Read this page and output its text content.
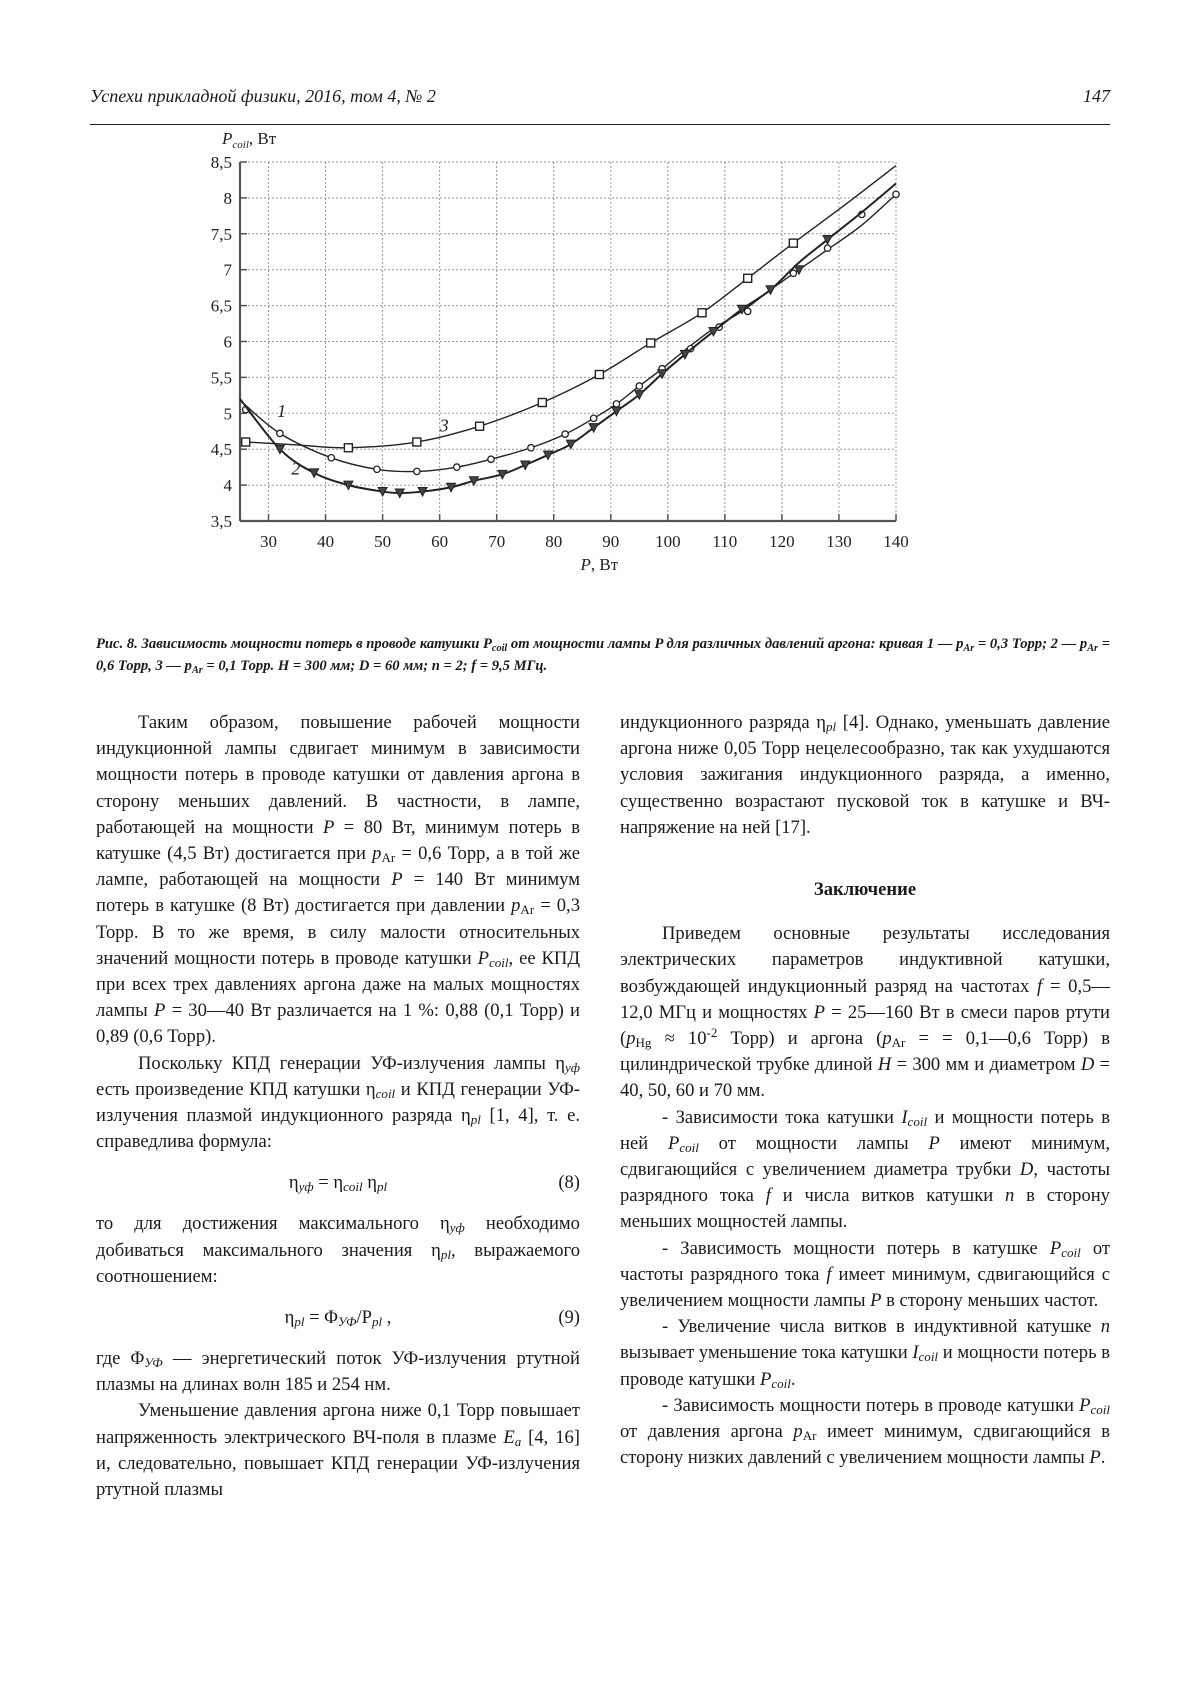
Успехи прикладной физики, 2016, том 4, № 2	147
3,5
4
4,5
5
5,5
6
6,5
7
7,5
8
8,5
30 40 50 60 70 80 90 100 110 120 130 140
1
2
3
$P_{coil}$, Вт
P, Вт
Рис. 8. Зависимость мощности потерь в проводе катушки $P_{coil}$ от мощности лампы P для различных давлений аргона: кривая 1 — $p_{Ar} = 0,3$ Торр; 2 — $p_{Ar} = 0,6$ Торр, 3 — $p_{Ar} = 0,1$ Торр. H = 300 мм; D = 60 мм; n = 2; f = 9,5 МГц.

Таким образом, повышение рабочей мощности индукционной лампы сдвигает минимум в зависимости мощности потерь в проводе катушки от давления аргона в сторону меньших давлений. В частности, в лампе, работающей на мощности P = 80 Вт, минимум потерь в катушке (4,5 Вт) достигается при $p_{Ar} = 0,6$ Торр, а в той же лампе, работающей на мощности P = 140 Вт минимум потерь в катушке (8 Вт) достигается при давлении $p_{Ar} = 0,3$ Торр. В то же время, в силу малости относительных значений мощности потерь в проводе катушки $P_{coil}$, ее КПД при всех трех давлениях аргона даже на малых мощностях лампы P = 30—40 Вт различается на 1 %: 0,88 (0,1 Торр) и 0,89 (0,6 Торр).

Поскольку КПД генерации УФ-излучения лампы $\eta_{уф}$ есть произведение КПД катушки $\eta_{coil}$ и КПД генерации УФ-излучения плазмой индукционного разряда $\eta_{pl}$ [1, 4], т. е. справедлива формула:

$\eta_{уф} = \eta_{coil}$ $\eta_{pl}$	(8)

то для достижения максимального $\eta_{уф}$ необходимо добиваться максимального значения $\eta_{pl}$, выражаемого соотношением:

$\eta_{pl} = \Phi_{УФ}/P_{pl}$ ,	(9)

где $\Phi_{УФ}$ — энергетический поток УФ-излучения ртутной плазмы на длинах волн 185 и 254 нм.

Уменьшение давления аргона ниже 0,1 Торр повышает напряженность электрического ВЧ-поля в плазме $E_a$ [4, 16] и, следовательно, повышает КПД генерации УФ-излучения ртутной плазмы

индукционного разряда $\eta_{pl}$ [4]. Однако, уменьшать давление аргона ниже 0,05 Торр нецелесообразно, так как ухудшаются условия зажигания индукционного разряда, а именно, существенно возрастают пусковой ток в катушке и ВЧ-напряжение на ней [17].

Заключение

Приведем основные результаты исследования электрических параметров индуктивной катушки, возбуждающей индукционный разряд на частотах f = 0,5—12,0 МГц и мощностях P = 25—160 Вт в смеси паров ртути ($p_{Hg} \approx 10^{-2}$ Торр) и аргона ($p_{Ar}$ = = 0,1—0,6 Торр) в цилиндрической трубке длиной H = 300 мм и диаметром D = 40, 50, 60 и 70 мм.

- Зависимости тока катушки $I_{coil}$ и мощности потерь в ней $P_{coil}$ от мощности лампы P имеют минимум, сдвигающийся с увеличением диаметра трубки D, частоты разрядного тока f и числа витков катушки n в сторону меньших мощностей лампы.

- Зависимость мощности потерь в катушке $P_{coil}$ от частоты разрядного тока f имеет минимум, сдвигающийся с увеличением мощности лампы P в сторону меньших частот.

- Увеличение числа витков в индуктивной катушке n вызывает уменьшение тока катушки $I_{coil}$ и мощности потерь в проводе катушки $P_{coil}$.

- Зависимость мощности потерь в проводе катушки $P_{coil}$ от давления аргона $p_{Ar}$ имеет минимум, сдвигающийся в сторону низких давлений с увеличением мощности лампы P.
